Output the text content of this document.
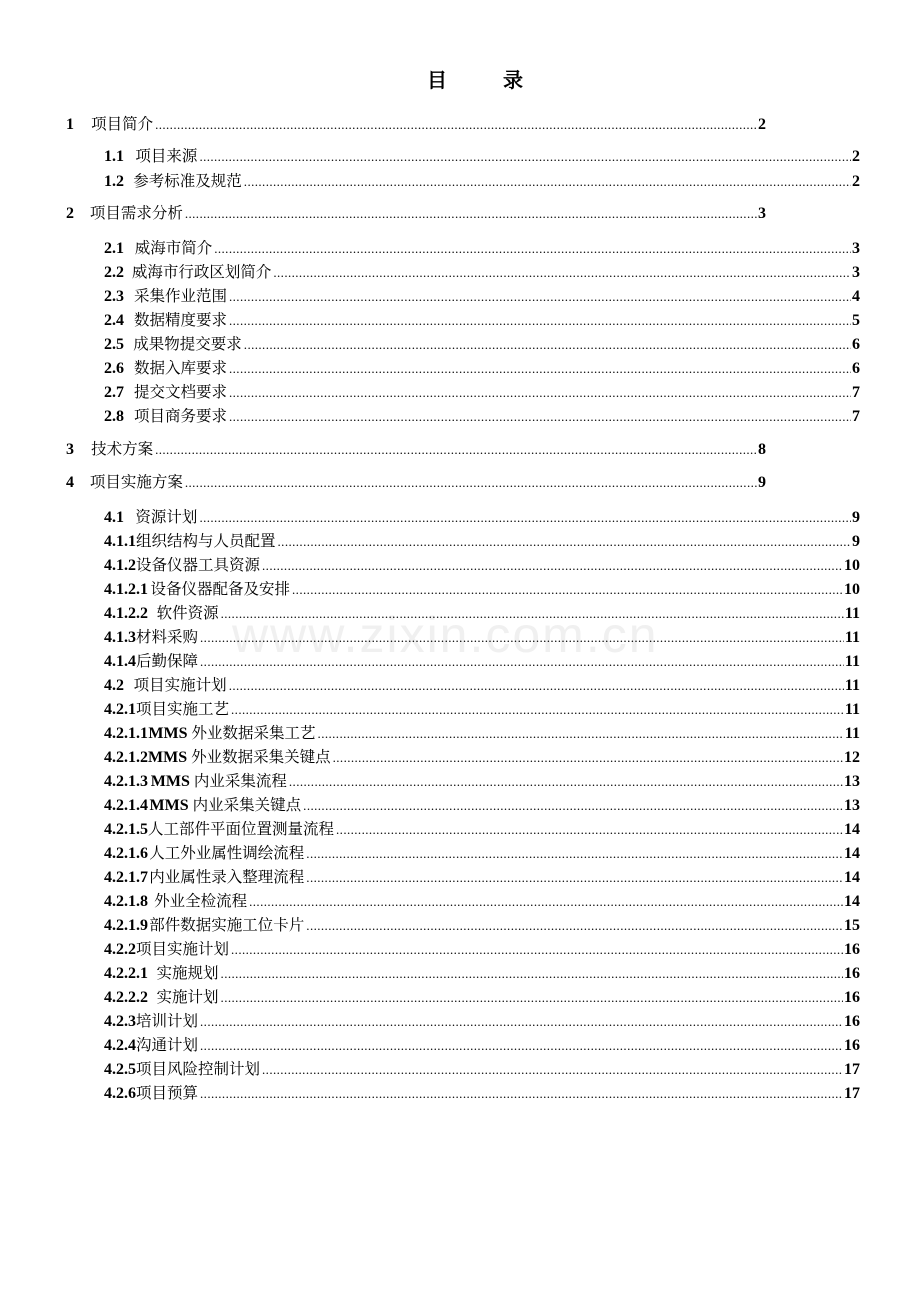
目　录
www.zixin.com.cn
1	项目简介 .....	2
1.1 项目来源 .....	2
1.2 参考标准及规范 .....	2
2	项目需求分析 .....	3
2.1 威海市简介 .....	3
2.2 威海市行政区划简介 .....	3
2.3 采集作业范围 .....	4
2.4 数据精度要求 .....	5
2.5 成果物提交要求 .....	6
2.6 数据入库要求 .....	6
2.7 提交文档要求 .....	7
2.8 项目商务要求 .....	7
3	技术方案 .....	8
4	项目实施方案 .....	9
4.1 资源计划 .....	9
4.1.1 组织结构与人员配置 .....	9
4.1.2 设备仪器工具资源 .....	10
4.1.2.1 设备仪器配备及安排 .....	10
4.1.2.2 软件资源 .....	11
4.1.3 材料采购 .....	11
4.1.4 后勤保障 .....	11
4.2 项目实施计划 .....	11
4.2.1 项目实施工艺 .....	11
4.2.1.1 MMS 外业数据采集工艺 .....	11
4.2.1.2 MMS 外业数据采集关键点 .....	12
4.2.1.3 MMS 内业采集流程 .....	13
4.2.1.4 MMS 内业采集关键点 .....	13
4.2.1.5 人工部件平面位置测量流程 .....	14
4.2.1.6 人工外业属性调绘流程 .....	14
4.2.1.7 内业属性录入整理流程 .....	14
4.2.1.8 外业全检流程 .....	14
4.2.1.9 部件数据实施工位卡片 .....	15
4.2.2 项目实施计划 .....	16
4.2.2.1 实施规划 .....	16
4.2.2.2 实施计划 .....	16
4.2.3 培训计划 .....	16
4.2.4 沟通计划 .....	16
4.2.5 项目风险控制计划 .....	17
4.2.6 项目预算 .....	17
